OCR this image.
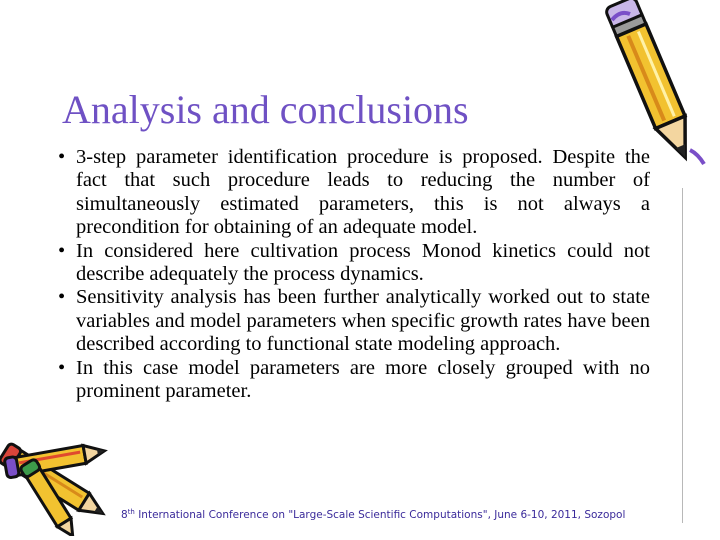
Analysis and conclusions

• 3-step parameter identification procedure is proposed. Despite the fact that such procedure leads to reducing the number of simultaneously estimated parameters, this is not always a precondition for obtaining of an adequate model.

• In considered here cultivation process Monod kinetics could not describe adequately the process dynamics.

• Sensitivity analysis has been further analytically worked out to state variables and model parameters when specific growth rates have been described according to functional state modeling approach.

• In this case model parameters are more closely grouped with no prominent parameter.

8th International Conference on "Large-Scale Scientific Computations", June 6-10, 2011, Sozopol
